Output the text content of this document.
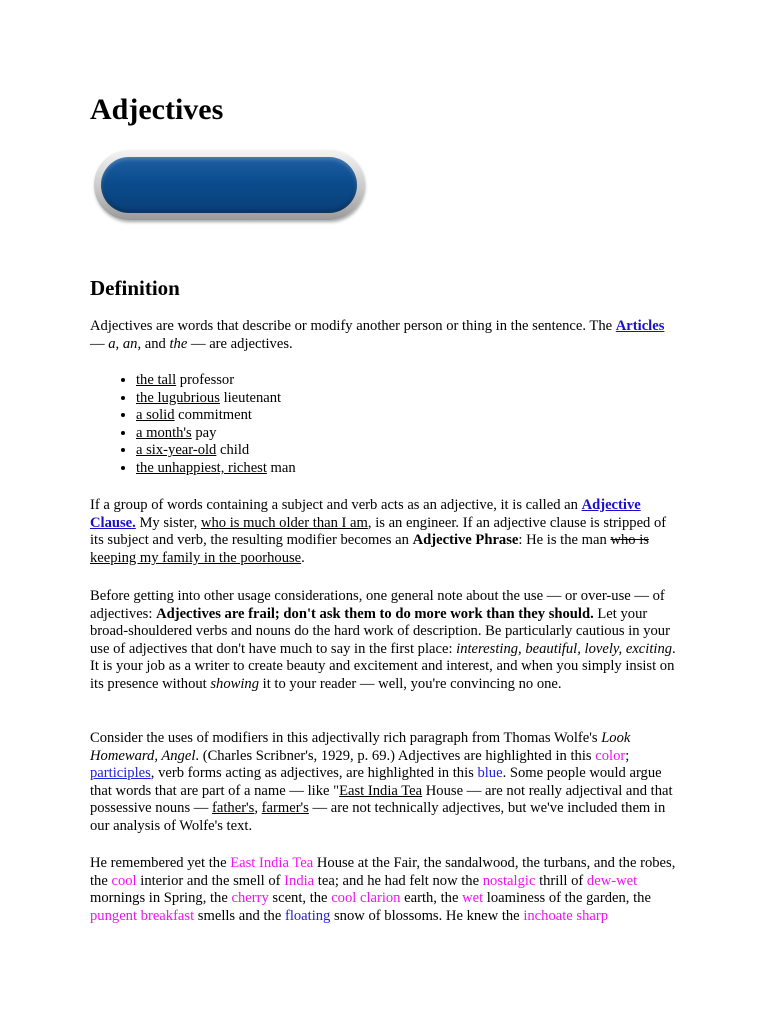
Adjectives
Definition

Adjectives are words that describe or modify another person or thing in the sentence. The Articles — a, an, and the — are adjectives.

• the tall professor
• the lugubrious lieutenant
• a solid commitment
• a month's pay
• a six-year-old child
• the unhappiest, richest man

If a group of words containing a subject and verb acts as an adjective, it is called an Adjective Clause. My sister, who is much older than I am, is an engineer. If an adjective clause is stripped of its subject and verb, the resulting modifier becomes an Adjective Phrase: He is the man who is keeping my family in the poorhouse.

Before getting into other usage considerations, one general note about the use — or over-use — of adjectives: Adjectives are frail; don't ask them to do more work than they should. Let your broad-shouldered verbs and nouns do the hard work of description. Be particularly cautious in your use of adjectives that don't have much to say in the first place: interesting, beautiful, lovely, exciting. It is your job as a writer to create beauty and excitement and interest, and when you simply insist on its presence without showing it to your reader — well, you're convincing no one.

Consider the uses of modifiers in this adjectivally rich paragraph from Thomas Wolfe's Look Homeward, Angel. (Charles Scribner's, 1929, p. 69.) Adjectives are highlighted in this color; participles, verb forms acting as adjectives, are highlighted in this blue. Some people would argue that words that are part of a name — like "East India Tea House — are not really adjectival and that possessive nouns — father's, farmer's — are not technically adjectives, but we've included them in our analysis of Wolfe's text.

He remembered yet the East India Tea House at the Fair, the sandalwood, the turbans, and the robes, the cool interior and the smell of India tea; and he had felt now the nostalgic thrill of dew-wet mornings in Spring, the cherry scent, the cool clarion earth, the wet loaminess of the garden, the pungent breakfast smells and the floating snow of blossoms. He knew the inchoate sharp
